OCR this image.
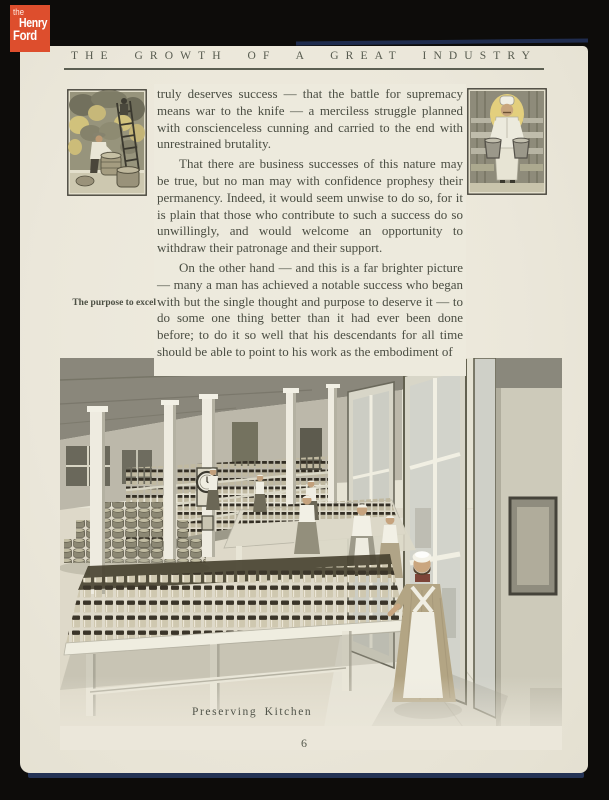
THE GROWTH OF A GREAT INDUSTRY

truly deserves success — that the battle for supremacy means war to the knife — a merciless struggle planned with conscienceless cunning and carried to the end with unrestrained brutality.

That there are business successes of this nature may be true, but no man may with confidence prophesy their permanency. Indeed, it would seem unwise to do so, for it is plain that those who contribute to such a success do so unwillingly, and would welcome an opportunity to withdraw their patronage and their support.

On the other hand — and this is a far brighter picture — many a man has achieved a notable success who began with but the single thought and purpose to deserve it — to do some one thing better than it had ever been done before; to do it so well that his descendants for all time should be able to point to his work as the embodiment of

The purpose to excel
Preserving Kitchen
6
the
Henry
Ford
